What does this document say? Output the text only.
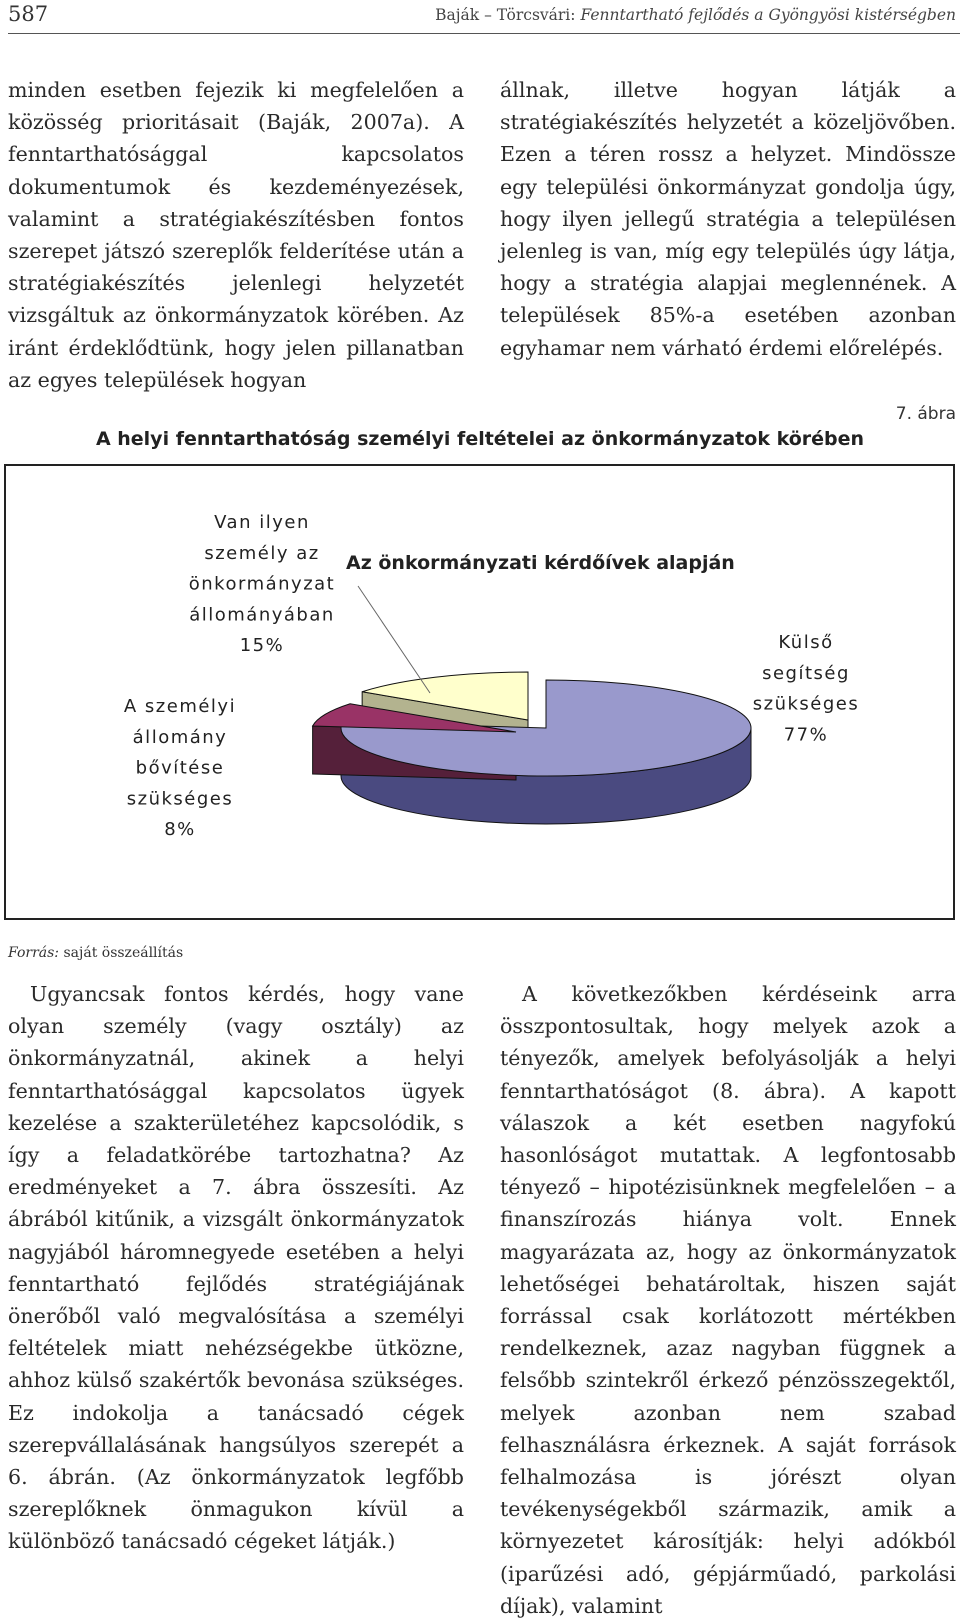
587	Baják – Törcsvári: Fenntartható fejlődés a Gyöngyösi kistérségben

minden esetben fejezik ki megfelelően a közösség prioritásait (Baják, 2007a). A fenntarthatósággal kapcsolatos dokumentumok és kezdeményezések, valamint a stratégiakészítésben fontos szerepet játszó szereplők felderítése után a stratégiakészítés jelenlegi helyzetét vizsgáltuk az önkormányzatok körében. Az iránt érdeklődtünk, hogy jelen pillanatban az egyes települések hogyan

állnak, illetve hogyan látják a stratégiakészítés helyzetét a közeljövőben. Ezen a téren rossz a helyzet. Mindössze egy települési önkormányzat gondolja úgy, hogy ilyen jellegű stratégia a településen jelenleg is van, míg egy település úgy látja, hogy a stratégia alapjai meglennének. A települések 85%-a esetében azonban egyhamar nem várható érdemi előrelépés.

7. ábra
A helyi fenntarthatóság személyi feltételei az önkormányzatok körében
Az önkormányzati kérdőívek alapján
Külső segítség szükséges 77%
A személyi állomány bővítése szükséges 8%
Van ilyen személy az önkormányzat állományában 15%
Forrás: saját összeállítás

Ugyancsak fontos kérdés, hogy vane olyan személy (vagy osztály) az önkormányzatnál, akinek a helyi fenntarthatósággal kapcsolatos ügyek kezelése a szakterületéhez kapcsolódik, s így a feladatkörébe tartozhatna? Az eredményeket a 7. ábra összesíti. Az ábrából kitűnik, a vizsgált önkormányzatok nagyjából háromnegyede esetében a helyi fenntartható fejlődés stratégiájának önerőből való megvalósítása a személyi feltételek miatt nehézségekbe ütközne, ahhoz külső szakértők bevonása szükséges. Ez indokolja a tanácsadó cégek szerepvállalásának hangsúlyos szerepét a 6. ábrán. (Az önkormányzatok legfőbb szereplőknek önmagukon kívül a különböző tanácsadó cégeket látják.)

A következőkben kérdéseink arra összpontosultak, hogy melyek azok a tényezők, amelyek befolyásolják a helyi fenntarthatóságot (8. ábra). A kapott válaszok a két esetben nagyfokú hasonlóságot mutattak. A legfontosabb tényező – hipotézisünknek megfelelően – a finanszírozás hiánya volt. Ennek magyarázata az, hogy az önkormányzatok lehetőségei behatároltak, hiszen saját forrással csak korlátozott mértékben rendelkeznek, azaz nagyban függnek a felsőbb szintekről érkező pénzösszegektől, melyek azonban nem szabad felhasználásra érkeznek. A saját források felhalmozása is jórészt olyan tevékenységekből származik, amik a környezetet károsítják: helyi adókból (iparűzési adó, gépjárműadó, parkolási díjak), valamint
